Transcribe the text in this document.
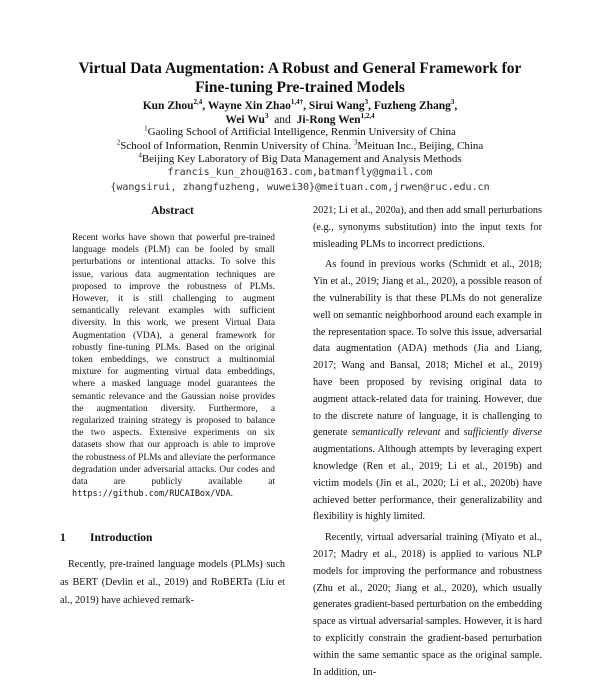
Virtual Data Augmentation: A Robust and General Framework for
Fine-tuning Pre-trained Models
Kun Zhou$^{2,4}$, Wayne Xin Zhao$^{1,4\dagger}$, Sirui Wang$^3$, Fuzheng Zhang$^3$,
Wei Wu$^3$  and  Ji-Rong Wen$^{1,2,4}$
$^1$Gaoling School of Artificial Intelligence, Renmin University of China
$^2$School of Information, Renmin University of China. $^3$Meituan Inc., Beijing, China
$^4$Beijing Key Laboratory of Big Data Management and Analysis Methods
francis_kun_zhou@163.com,batmanfly@gmail.com
{wangsirui, zhangfuzheng, wuwei30}@meituan.com,jrwen@ruc.edu.cn
Abstract

Recent works have shown that powerful pre-trained language models (PLM) can be fooled by small perturbations or intentional attacks. To solve this issue, various data augmentation techniques are proposed to improve the robustness of PLMs. However, it is still challenging to augment semantically relevant examples with sufficient diversity. In this work, we present Virtual Data Augmentation (VDA), a general framework for robustly fine-tuning PLMs. Based on the original token embeddings, we construct a multinomial mixture for augmenting virtual data embeddings, where a masked language model guarantees the semantic relevance and the Gaussian noise provides the augmentation diversity. Furthermore, a regularized training strategy is proposed to balance the two aspects. Extensive experiments on six datasets show that our approach is able to improve the robustness of PLMs and alleviate the performance degradation under adversarial attacks. Our codes and data are publicly available at https://github.com/RUCAIBox/VDA.

1 Introduction

Recently, pre-trained language models (PLMs) such as BERT (Devlin et al., 2019) and RoBERTa (Liu et al., 2019) have achieved remark-

2021; Li et al., 2020a), and then add small perturbations (e.g., synonyms substitution) into the input texts for misleading PLMs to incorrect predictions.

As found in previous works (Schmidt et al., 2018; Yin et al., 2019; Jiang et al., 2020), a possible reason of the vulnerability is that these PLMs do not generalize well on semantic neighborhood around each example in the representation space. To solve this issue, adversarial data augmentation (ADA) methods (Jia and Liang, 2017; Wang and Bansal, 2018; Michel et al., 2019) have been proposed by revising original data to augment attack-related data for training. However, due to the discrete nature of language, it is challenging to generate semantically relevant and sufficiently diverse augmentations. Although attempts by leveraging expert knowledge (Ren et al., 2019; Li et al., 2019b) and victim models (Jin et al., 2020; Li et al., 2020b) have achieved better performance, their generalizability and flexibility is highly limited.

Recently, virtual adversarial training (Miyato et al., 2017; Madry et al., 2018) is applied to various NLP models for improving the performance and robustness (Zhu et al., 2020; Jiang et al., 2020), which usually generates gradient-based perturbation on the embedding space as virtual adversarial samples. However, it is hard to explicitly constrain the gradient-based perturbation within the same semantic space as the original sample. In addition, un-
